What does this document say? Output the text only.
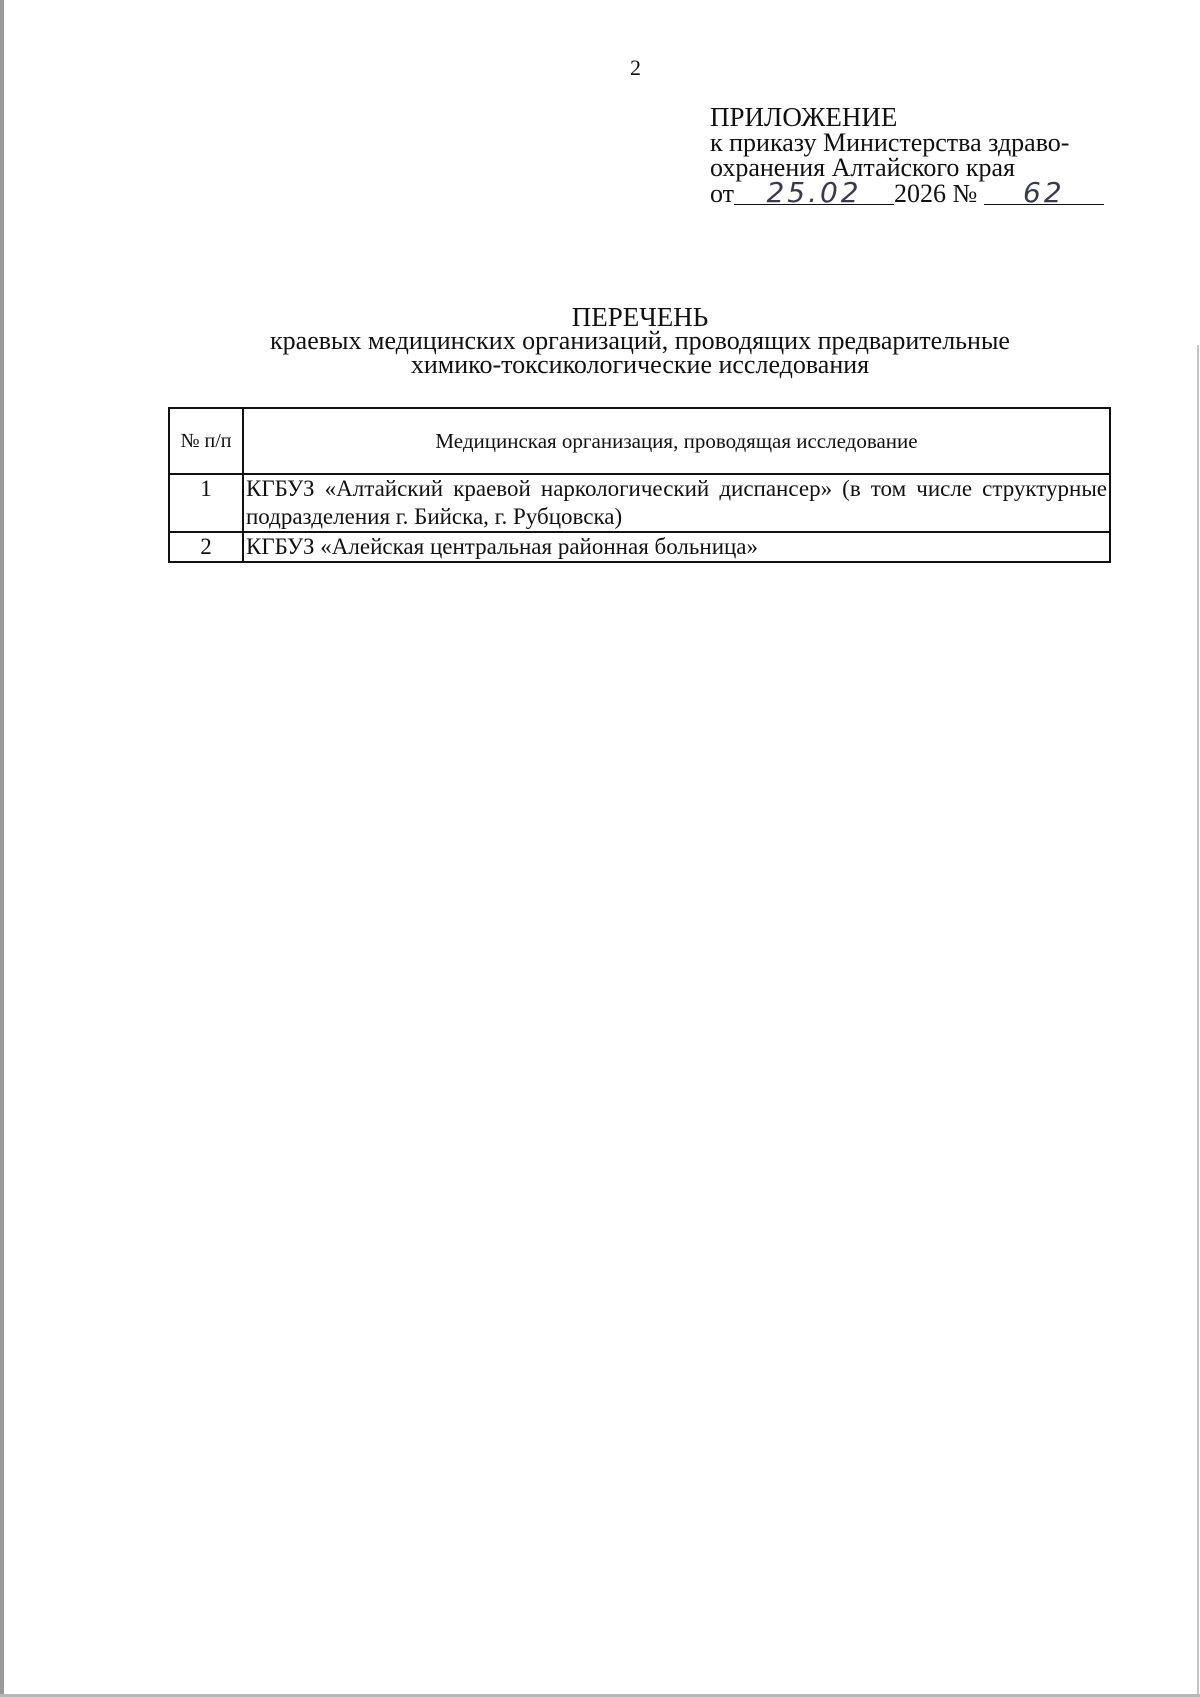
2
ПРИЛОЖЕНИЕ
к приказу Министерства здраво-
охранения Алтайского края
от 25.02 2026 № 62
ПЕРЕЧЕНЬ
краевых медицинских организаций, проводящих предварительные
химико-токсикологические исследования
№ п/п	Медицинская организация, проводящая исследование
1	КГБУЗ «Алтайский краевой наркологический диспансер» (в том числе структурные подразделения г. Бийска, г. Рубцовска)
2	КГБУЗ «Алейская центральная районная больница»
